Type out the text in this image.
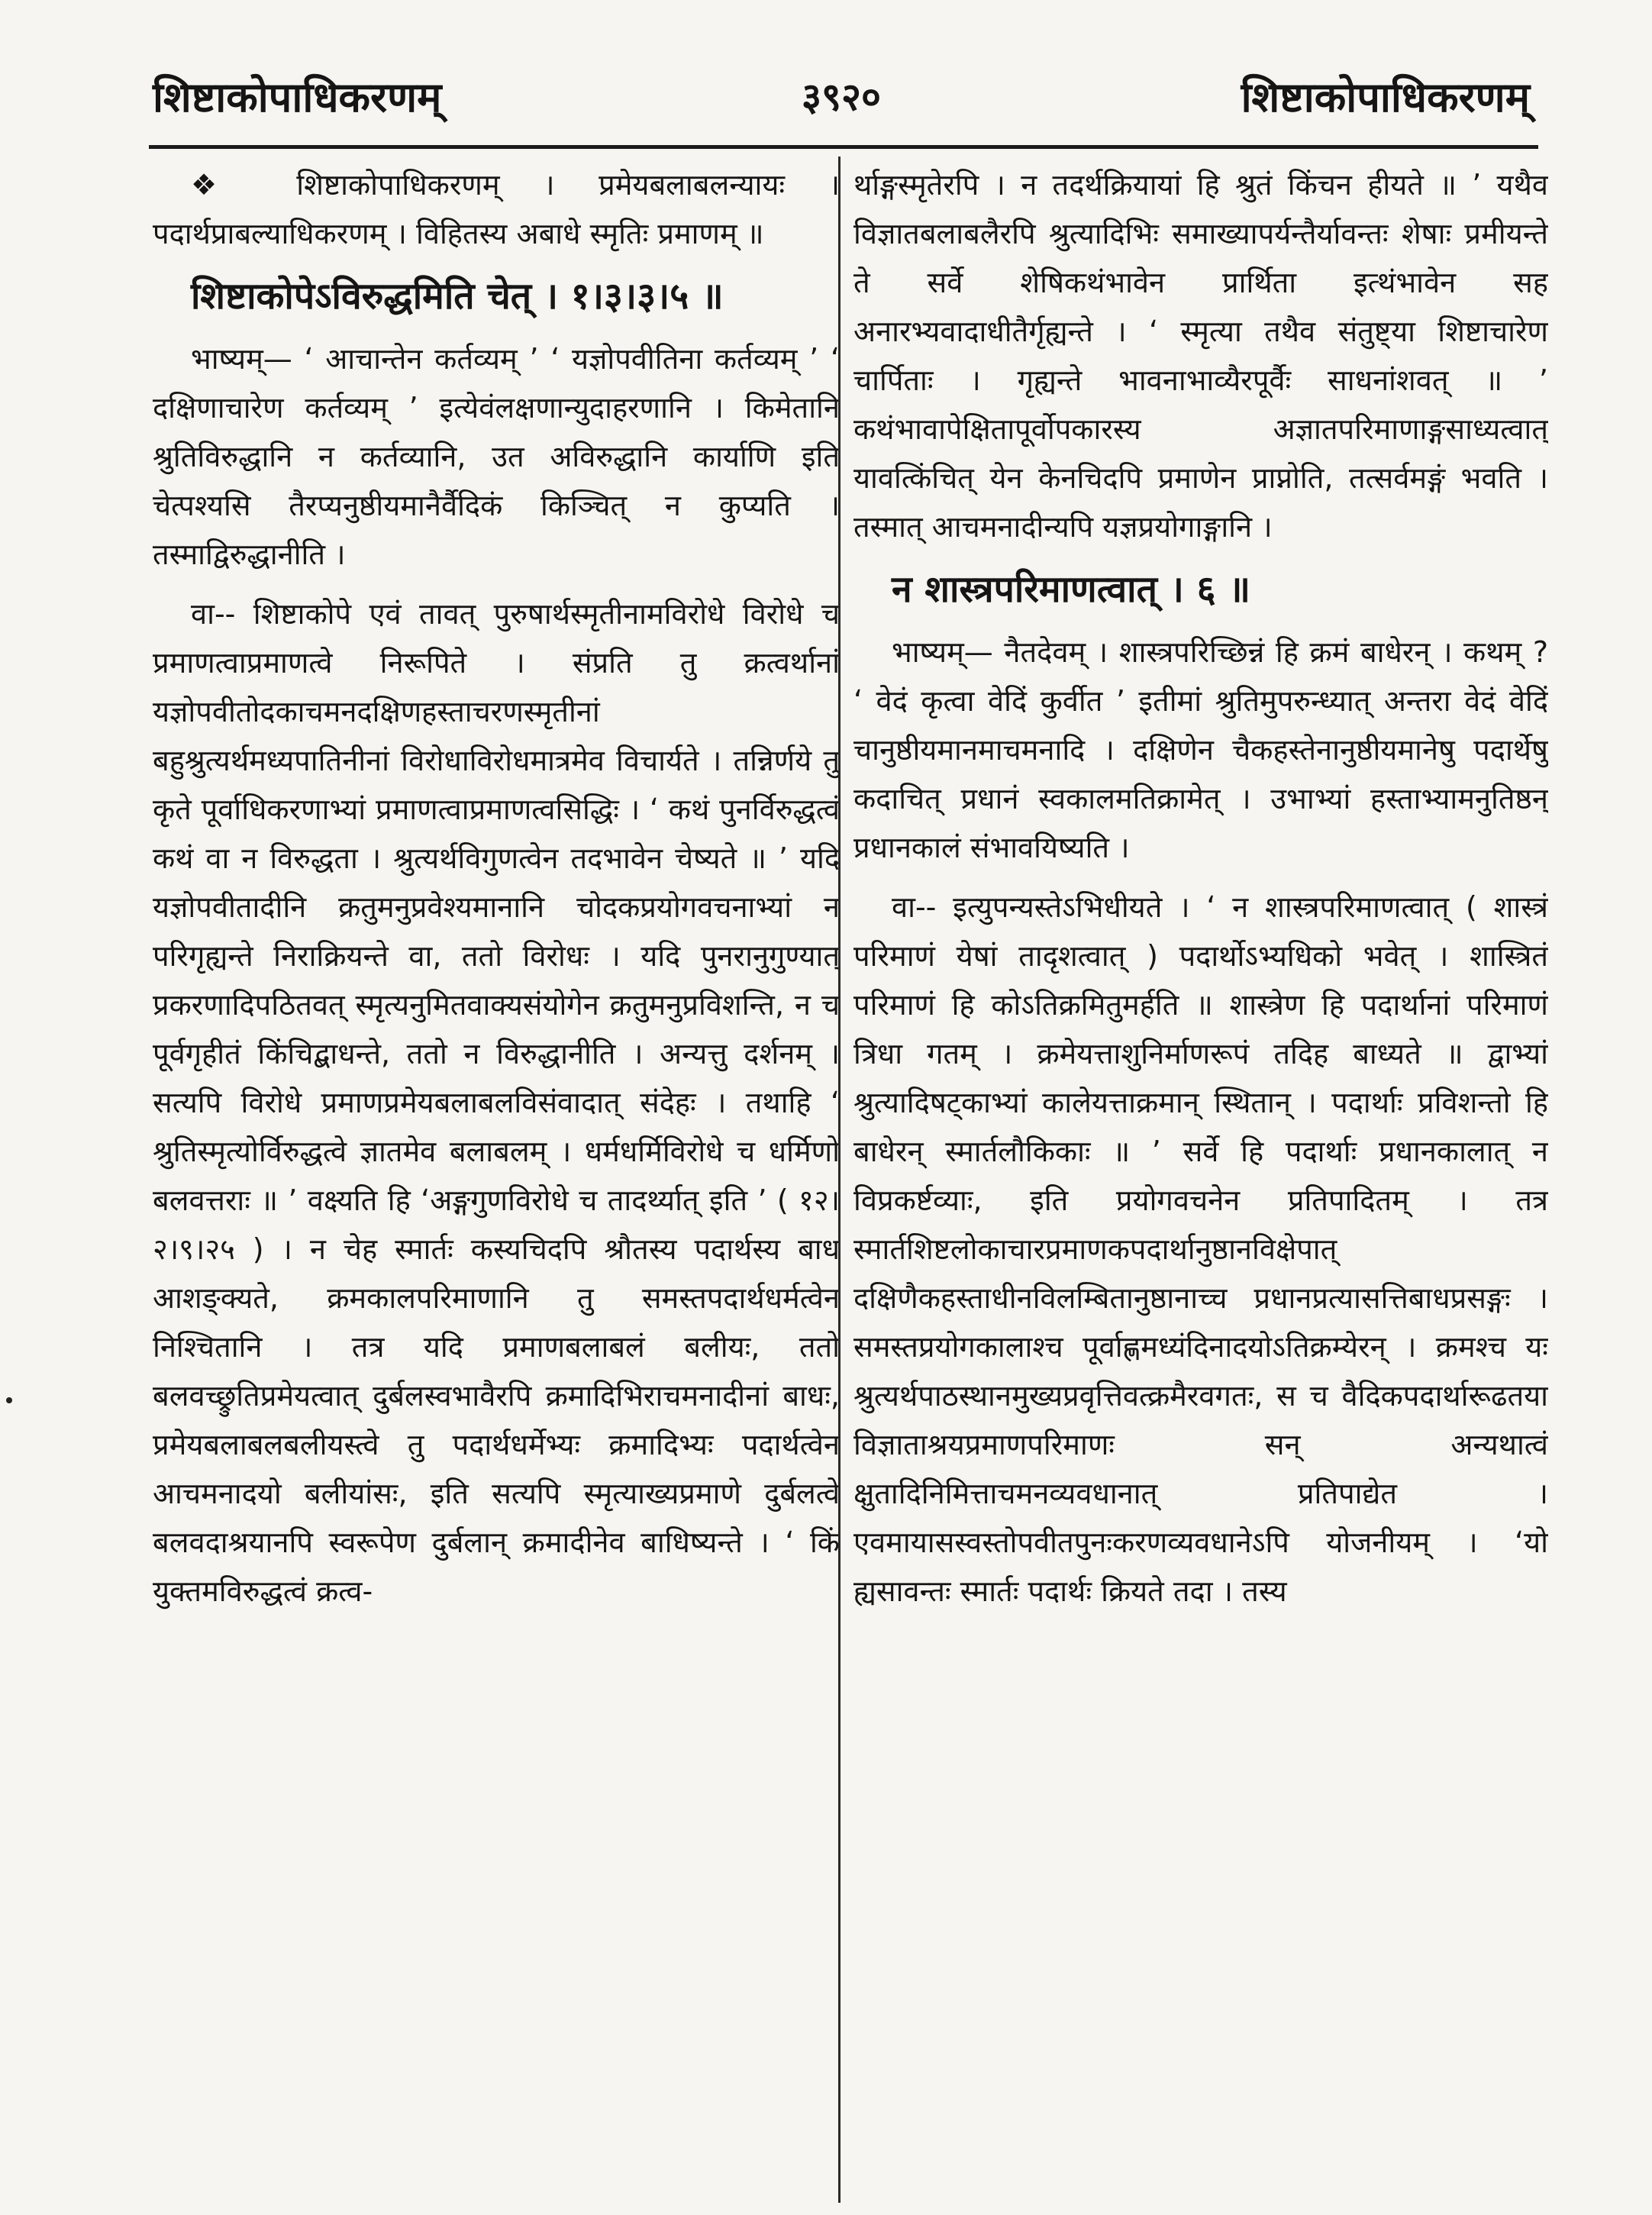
शिष्टाकोपाधिकरणम्	३९२०	शिष्टाकोपाधिकरणम्

❖ शिष्टाकोपाधिकरणम् । प्रमेयबलाबलन्यायः । पदार्थप्राबल्याधिकरणम् । विहितस्य अबाधे स्मृतिः प्रमाणम् ॥

शिष्टाकोपेऽविरुद्धमिति चेत् । १।३।३।५ ॥

भाष्यम्— ‘ आचान्तेन कर्तव्यम् ’ ‘ यज्ञोपवीतिना कर्तव्यम् ’ ‘ दक्षिणाचारेण कर्तव्यम् ’ इत्येवंलक्षणान्युदाहरणानि । किमेतानि श्रुतिविरुद्धानि न कर्तव्यानि, उत अविरुद्धानि कार्याणि इति चेत्पश्यसि तैरप्यनुष्ठीयमानैर्वैदिकं किञ्चित् न कुप्यति । तस्माद्विरुद्धानीति ।

वा-- शिष्टाकोपे एवं तावत् पुरुषार्थस्मृतीनामविरोधे विरोधे च प्रमाणत्वाप्रमाणत्वे निरूपिते । संप्रति तु क्रत्वर्थानां यज्ञोपवीतोदकाचमनदक्षिणहस्ताचरणस्मृतीनां बहुश्रुत्यर्थमध्यपातिनीनां विरोधाविरोधमात्रमेव विचार्यते । तन्निर्णये तु कृते पूर्वाधिकरणाभ्यां प्रमाणत्वाप्रमाणत्वसिद्धिः । ‘ कथं पुनर्विरुद्धत्वं कथं वा न विरुद्धता । श्रुत्यर्थविगुणत्वेन तदभावेन चेष्यते ॥ ’ यदि यज्ञोपवीतादीनि क्रतुमनुप्रवेश्यमानानि चोदकप्रयोगवचनाभ्यां न परिगृह्यन्ते निराक्रियन्ते वा, ततो विरोधः । यदि पुनरानुगुण्यात् प्रकरणादिपठितवत् स्मृत्यनुमितवाक्यसंयोगेन क्रतुमनुप्रविशन्ति, न च पूर्वगृहीतं किंचिद्बाधन्ते, ततो न विरुद्धानीति । अन्यत्तु दर्शनम् । सत्यपि विरोधे प्रमाणप्रमेयबलाबलविसंवादात् संदेहः । तथाहि ‘ श्रुतिस्मृत्योर्विरुद्धत्वे ज्ञातमेव बलाबलम् । धर्मधर्मिविरोधे च धर्मिणो बलवत्तराः ॥ ’ वक्ष्यति हि ‘अङ्गगुणविरोधे च तादर्थ्यात् इति ’ ( १२।२।९।२५ ) । न चेह स्मार्तः कस्यचिदपि श्रौतस्य पदार्थस्य बाध आशङ्क्यते, क्रमकालपरिमाणानि तु समस्तपदार्थधर्मत्वेन निश्चितानि । तत्र यदि प्रमाणबलाबलं बलीयः, ततो बलवच्छ्रुतिप्रमेयत्वात् दुर्बलस्वभावैरपि क्रमादिभिराचमनादीनां बाधः, प्रमेयबलाबलबलीयस्त्वे तु पदार्थधर्मेभ्यः क्रमादिभ्यः पदार्थत्वेन आचमनादयो बलीयांसः, इति सत्यपि स्मृत्याख्यप्रमाणे दुर्बलत्वे बलवदाश्रयानपि स्वरूपेण दुर्बलान् क्रमादीनेव बाधिष्यन्ते । ‘ किं युक्तमविरुद्धत्वं क्रत्व-

र्थाङ्गस्मृतेरपि । न तदर्थक्रियायां हि श्रुतं किंचन हीयते ॥ ’ यथैव विज्ञातबलाबलैरपि श्रुत्यादिभिः समाख्यापर्यन्तैर्यावन्तः शेषाः प्रमीयन्ते ते सर्वे शेषिकथंभावेन प्रार्थिता इत्थंभावेन सह अनारभ्यवादाधीतैर्गृह्यन्ते । ‘ स्मृत्या तथैव संतुष्ट्या शिष्टाचारेण चार्पिताः । गृह्यन्ते भावनाभाव्यैरपूर्वैः साधनांशवत् ॥ ’ कथंभावापेक्षितापूर्वोपकारस्य अज्ञातपरिमाणाङ्गसाध्यत्वात् यावत्किंचित् येन केनचिदपि प्रमाणेन प्राप्नोति, तत्सर्वमङ्गं भवति । तस्मात् आचमनादीन्यपि यज्ञप्रयोगाङ्गानि ।

न शास्त्रपरिमाणत्वात् । ६ ॥

भाष्यम्— नैतदेवम् । शास्त्रपरिच्छिन्नं हि क्रमं बाधेरन् । कथम् ? ‘ वेदं कृत्वा वेदिं कुर्वीत ’ इतीमां श्रुतिमुपरुन्ध्यात् अन्तरा वेदं वेदिं चानुष्ठीयमानमाचमनादि । दक्षिणेन चैकहस्तेनानुष्ठीयमानेषु पदार्थेषु कदाचित् प्रधानं स्वकालमतिक्रामेत् । उभाभ्यां हस्ताभ्यामनुतिष्ठन् प्रधानकालं संभावयिष्यति ।

वा-- इत्युपन्यस्तेऽभिधीयते । ‘ न शास्त्रपरिमाणत्वात् ( शास्त्रं परिमाणं येषां तादृशत्वात् ) पदार्थोऽभ्यधिको भवेत् । शास्त्रितं परिमाणं हि कोऽतिक्रमितुमर्हति ॥ शास्त्रेण हि पदार्थानां परिमाणं त्रिधा गतम् । क्रमेयत्ताशुनिर्माणरूपं तदिह बाध्यते ॥ द्वाभ्यां श्रुत्यादिषट्काभ्यां कालेयत्ताक्रमान् स्थितान् । पदार्थाः प्रविशन्तो हि बाधेरन् स्मार्तलौकिकाः ॥ ’ सर्वे हि पदार्थाः प्रधानकालात् न विप्रकर्ष्टव्याः, इति प्रयोगवचनेन प्रतिपादितम् । तत्र स्मार्तशिष्टलोकाचारप्रमाणकपदार्थानुष्ठानविक्षेपात् दक्षिणैकहस्ताधीनविलम्बितानुष्ठानाच्च प्रधानप्रत्यासत्तिबाधप्रसङ्गः । समस्तप्रयोगकालाश्च पूर्वाह्णमध्यंदिनादयोऽतिक्रम्येरन् । क्रमश्च यः श्रुत्यर्थपाठस्थानमुख्यप्रवृत्तिवत्क्रमैरवगतः, स च वैदिकपदार्थारूढतया विज्ञाताश्रयप्रमाणपरिमाणः सन् अन्यथात्वं क्षुतादिनिमित्ताचमनव्यवधानात् प्रतिपाद्येत । एवमायासस्वस्तोपवीतपुनःकरणव्यवधानेऽपि योजनीयम् । ‘यो ह्यसावन्तः स्मार्तः पदार्थः क्रियते तदा । तस्य
